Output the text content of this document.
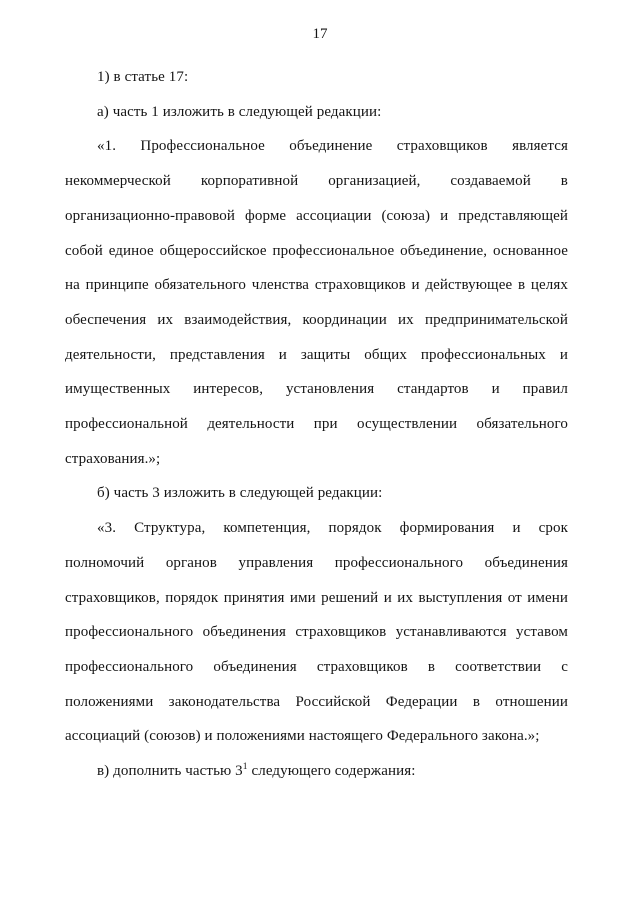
17
1) в статье 17:
а) часть 1 изложить в следующей редакции:
«1. Профессиональное объединение страховщиков является
некоммерческой корпоративной организацией, создаваемой в
организационно-правовой форме ассоциации (союза) и представляющей
собой единое общероссийское профессиональное объединение, основанное
на принципе обязательного членства страховщиков и действующее в целях
обеспечения их взаимодействия, координации их предпринимательской
деятельности, представления и защиты общих профессиональных и
имущественных интересов, установления стандартов и правил
профессиональной деятельности при осуществлении обязательного
страхования.»;
б) часть 3 изложить в следующей редакции:
«3. Структура, компетенция, порядок формирования и срок
полномочий органов управления профессионального объединения
страховщиков, порядок принятия ими решений и их выступления от имени
профессионального объединения страховщиков устанавливаются уставом
профессионального объединения страховщиков в соответствии с
положениями законодательства Российской Федерации в отношении
ассоциаций (союзов) и положениями настоящего Федерального закона.»;
в) дополнить частью $3^1$ следующего содержания:
